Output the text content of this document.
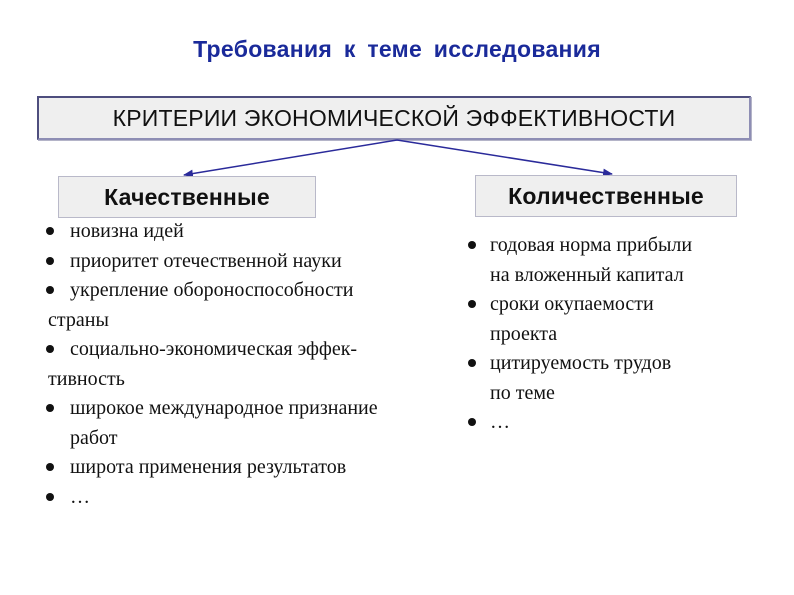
Требования к теме исследования
КРИТЕРИИ ЭКОНОМИЧЕСКОЙ ЭФФЕКТИВНОСТИ
Качественные	Количественные
новизна идей
приоритет отечественной науки
укрепление обороноспособности
страны
социально-экономическая эффек-
тивность
широкое международное признание
работ
широта применения результатов
…
годовая норма прибыли
на вложенный капитал
сроки окупаемости
проекта
цитируемость трудов
по теме
…
